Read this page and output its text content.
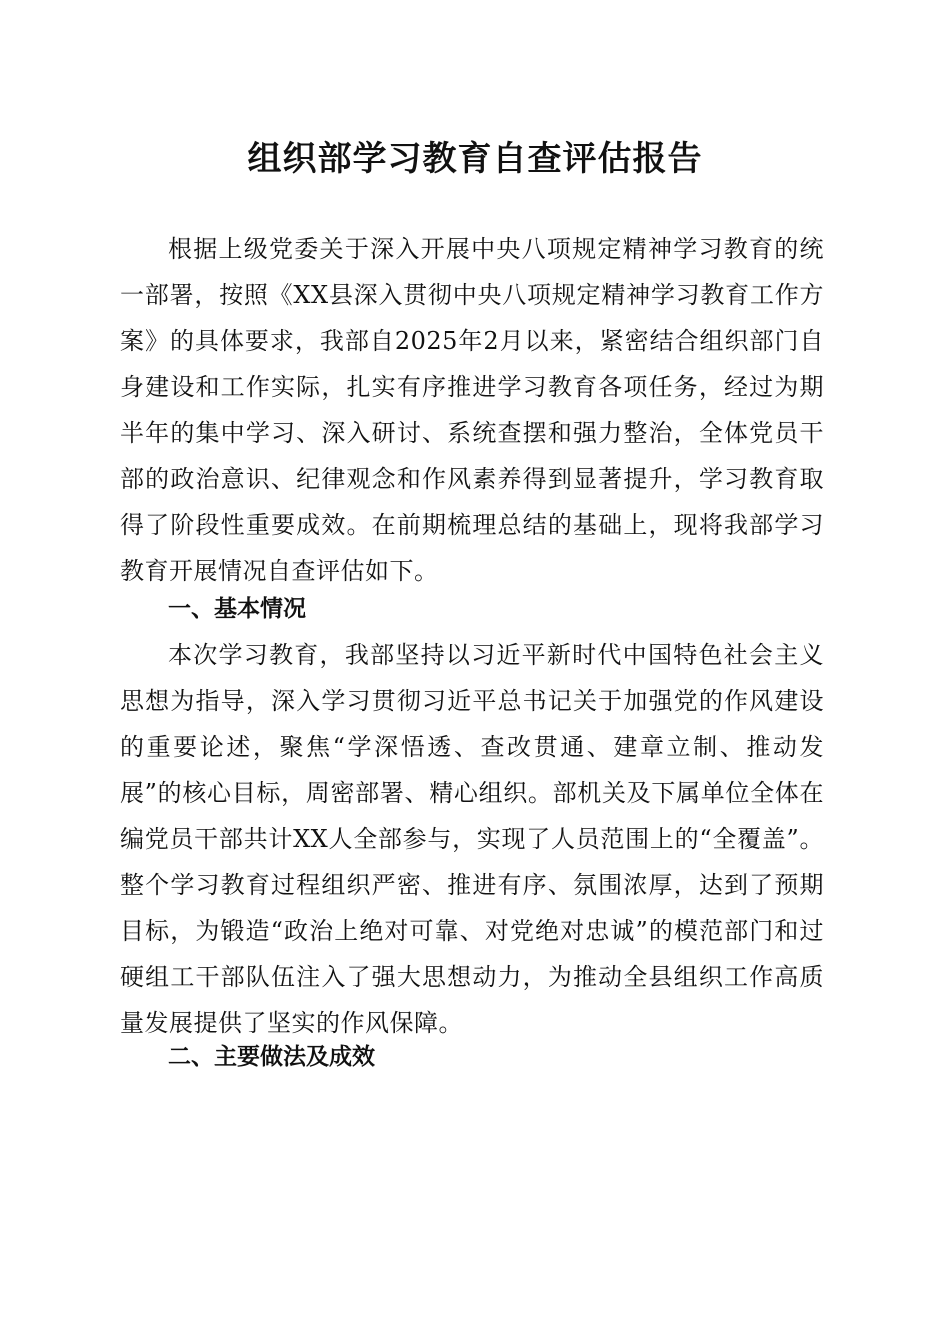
组织部学习教育自查评估报告

根据上级党委关于深入开展中央八项规定精神学习教育的统一部署，按照《XX县深入贯彻中央八项规定精神学习教育工作方案》的具体要求，我部自2025年2月以来，紧密结合组织部门自身建设和工作实际，扎实有序推进学习教育各项任务，经过为期半年的集中学习、深入研讨、系统查摆和强力整治，全体党员干部的政治意识、纪律观念和作风素养得到显著提升，学习教育取得了阶段性重要成效。在前期梳理总结的基础上，现将我部学习教育开展情况自查评估如下。

一、基本情况

本次学习教育，我部坚持以习近平新时代中国特色社会主义思想为指导，深入学习贯彻习近平总书记关于加强党的作风建设的重要论述，聚焦“学深悟透、查改贯通、建章立制、推动发展”的核心目标，周密部署、精心组织。部机关及下属单位全体在编党员干部共计XX人全部参与，实现了人员范围上的“全覆盖”。整个学习教育过程组织严密、推进有序、氛围浓厚，达到了预期目标，为锻造“政治上绝对可靠、对党绝对忠诚”的模范部门和过硬组工干部队伍注入了强大思想动力，为推动全县组织工作高质量发展提供了坚实的作风保障。

二、主要做法及成效
